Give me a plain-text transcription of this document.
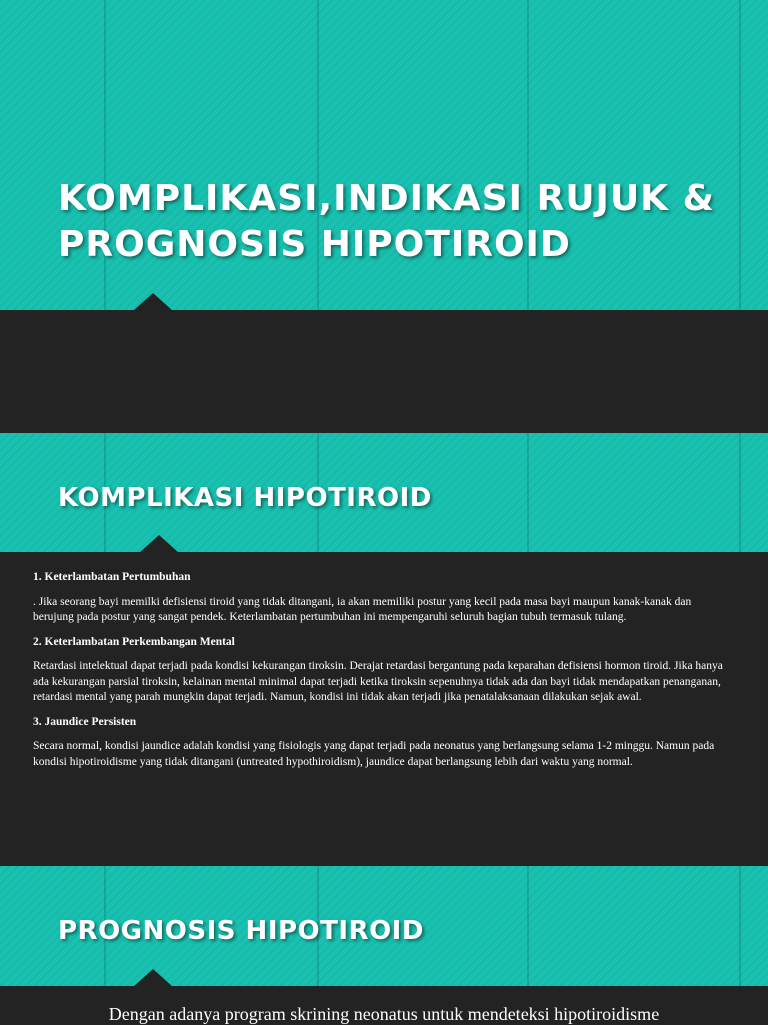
KOMPLIKASI,INDIKASI RUJUK &
PROGNOSIS HIPOTIROID
KOMPLIKASI HIPOTIROID
1. Keterlambatan Pertumbuhan

. Jika seorang bayi memilki defisiensi tiroid yang tidak ditangani, ia akan memiliki postur yang kecil pada masa bayi maupun kanak-kanak dan berujung pada postur yang sangat pendek. Keterlambatan pertumbuhan ini mempengaruhi seluruh bagian tubuh termasuk tulang.

2. Keterlambatan Perkembangan Mental

Retardasi intelektual dapat terjadi pada kondisi kekurangan tiroksin. Derajat retardasi bergantung pada keparahan defisiensi hormon tiroid. Jika hanya ada kekurangan parsial tiroksin, kelainan mental minimal dapat terjadi ketika tiroksin sepenuhnya tidak ada dan bayi tidak mendapatkan penanganan, retardasi mental yang parah mungkin dapat terjadi. Namun, kondisi ini tidak akan terjadi jika penatalaksanaan dilakukan sejak awal.

3. Jaundice Persisten

Secara normal, kondisi jaundice adalah kondisi yang fisiologis yang dapat terjadi pada neonatus yang berlangsung selama 1-2 minggu. Namun pada kondisi hipotiroidisme yang tidak ditangani (untreated hypothiroidism), jaundice dapat berlangsung lebih dari waktu yang normal.

PROGNOSIS HIPOTIROID
Dengan adanya program skrining neonatus untuk mendeteksi hipotiroidisme
